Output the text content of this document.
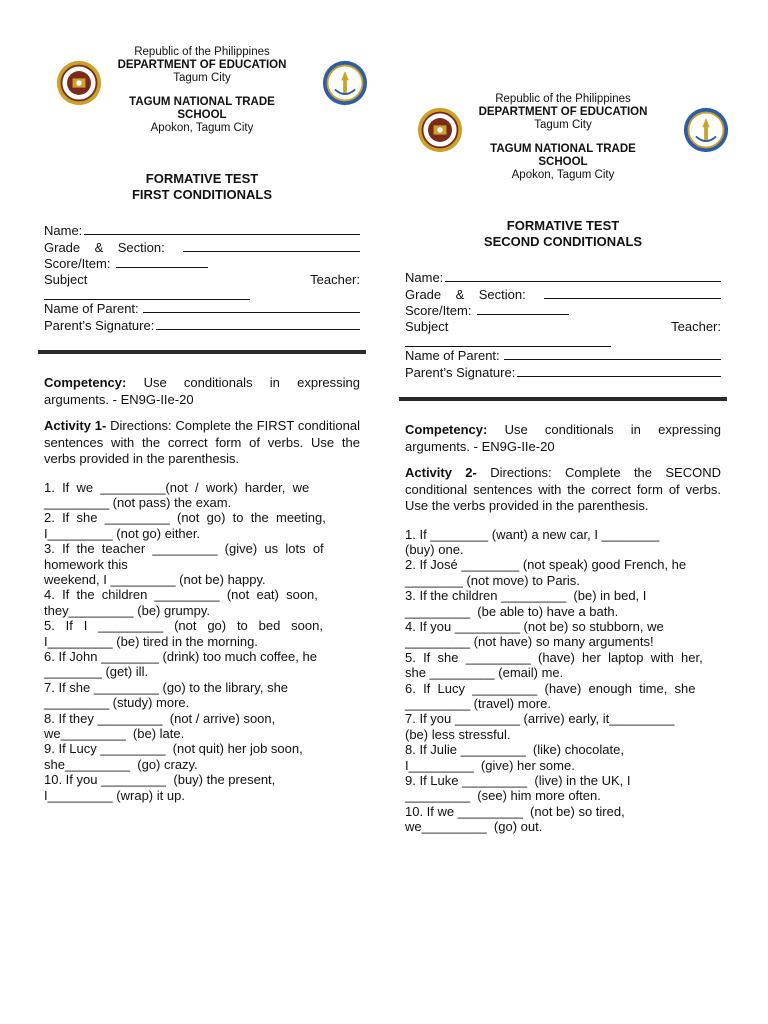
Republic of the Philippines
DEPARTMENT OF EDUCATION
Tagum City
TAGUM NATIONAL TRADE SCHOOL
Apokon, Tagum City
FORMATIVE TEST
FIRST CONDITIONALS
Name:
Grade & Section:
Score/Item:
Subject	Teacher:
Name of Parent:
Parent’s Signature:
Competency: Use conditionals in expressing arguments. - EN9G-IIe-20
Activity 1- Directions: Complete the FIRST conditional sentences with the correct form of verbs. Use the verbs provided in the parenthesis.
1.  If  we  _________(not  /  work)  harder,  we
_________ (not pass) the exam.
2.  If  she  _________  (not  go)  to  the  meeting,
I_________ (not go) either.
3.  If  the  teacher  _________  (give)  us  lots  of
homework this
weekend, I _________ (not be) happy.
4.  If  the  children  _________  (not  eat)  soon,
they_________ (be) grumpy.
5.   If   I   _________   (not   go)   to   bed   soon,
I_________ (be) tired in the morning.
6. If John ________ (drink) too much coffee, he
________ (get) ill.
7. If she _________ (go) to the library, she
_________ (study) more.
8. If they _________  (not / arrive) soon,
we_________  (be) late.
9. If Lucy _________  (not quit) her job soon,
she_________  (go) crazy.
10. If you _________  (buy) the present,
I_________ (wrap) it up.
Republic of the Philippines
DEPARTMENT OF EDUCATION
Tagum City
TAGUM NATIONAL TRADE SCHOOL
Apokon, Tagum City
FORMATIVE TEST
SECOND CONDITIONALS
Name:
Grade & Section:
Score/Item:
Subject	Teacher:
Name of Parent:
Parent’s Signature:
Competency: Use conditionals in expressing arguments. - EN9G-IIe-20
Activity 2- Directions: Complete the SECOND conditional sentences with the correct form of verbs. Use the verbs provided in the parenthesis.
1. If ________ (want) a new car, I ________
(buy) one.
2. If José ________ (not speak) good French, he
________ (not move) to Paris.
3. If the children _________  (be) in bed, I
_________  (be able to) have a bath.
4. If you _________ (not be) so stubborn, we
_________ (not have) so many arguments!
5.  If  she  _________  (have)  her  laptop  with  her,
she _________ (email) me.
6.  If  Lucy  _________  (have)  enough  time,  she
_________ (travel) more.
7. If you _________ (arrive) early, it_________
(be) less stressful.
8. If Julie _________  (like) chocolate,
I_________  (give) her some.
9. If Luke _________  (live) in the UK, I
_________  (see) him more often.
10. If we _________  (not be) so tired,
we_________  (go) out.
